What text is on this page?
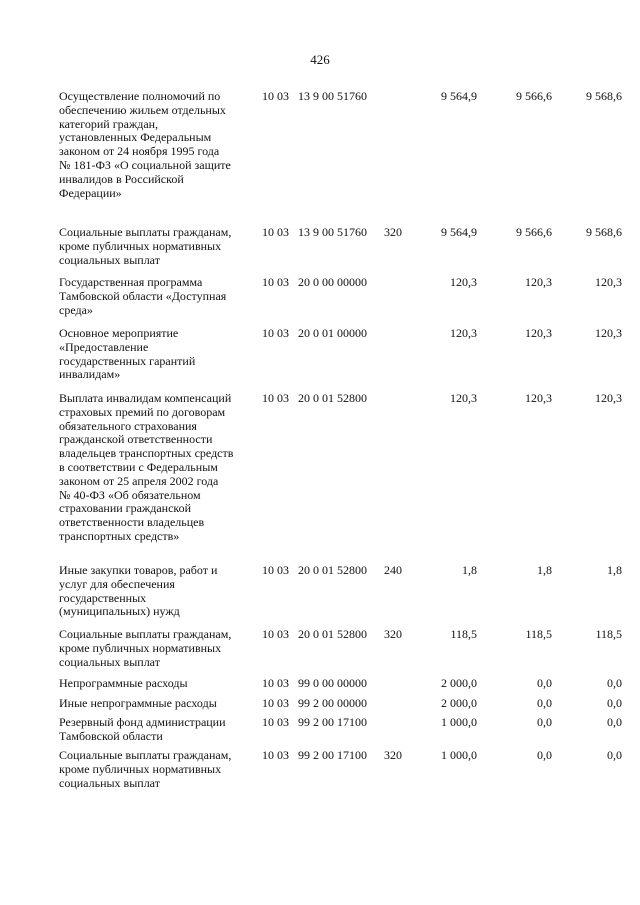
426
Осуществление полномочий по
обеспечению жильем отдельных
категорий граждан,
установленных Федеральным
законом от 24 ноября 1995 года
№ 181-ФЗ «О социальной защите
инвалидов в Российской
Федерации»
10 03 13 9 00 51760	9 564,9	9 566,6	9 568,6
Социальные выплаты гражданам,
кроме публичных нормативных
социальных выплат
10 03 13 9 00 51760 320	9 564,9	9 566,6	9 568,6
Государственная программа
Тамбовской области «Доступная
среда»
10 03 20 0 00 00000	120,3	120,3	120,3
Основное мероприятие
«Предоставление
государственных гарантий
инвалидам»
10 03 20 0 01 00000	120,3	120,3	120,3
Выплата инвалидам компенсаций
страховых премий по договорам
обязательного страхования
гражданской ответственности
владельцев транспортных средств
в соответствии с Федеральным
законом от 25 апреля 2002 года
№ 40-ФЗ «Об обязательном
страховании гражданской
ответственности владельцев
транспортных средств»
10 03 20 0 01 52800	120,3	120,3	120,3
Иные закупки товаров, работ и
услуг для обеспечения
государственных
(муниципальных) нужд
10 03 20 0 01 52800 240	1,8	1,8	1,8
Социальные выплаты гражданам,
кроме публичных нормативных
социальных выплат
10 03 20 0 01 52800 320	118,5	118,5	118,5
Непрограммные расходы	10 03 99 0 00 00000	2 000,0	0,0	0,0
Иные непрограммные расходы	10 03 99 2 00 00000	2 000,0	0,0	0,0
Резервный фонд администрации
Тамбовской области
10 03 99 2 00 17100	1 000,0	0,0	0,0
Социальные выплаты гражданам,
кроме публичных нормативных
социальных выплат
10 03 99 2 00 17100 320	1 000,0	0,0	0,0
